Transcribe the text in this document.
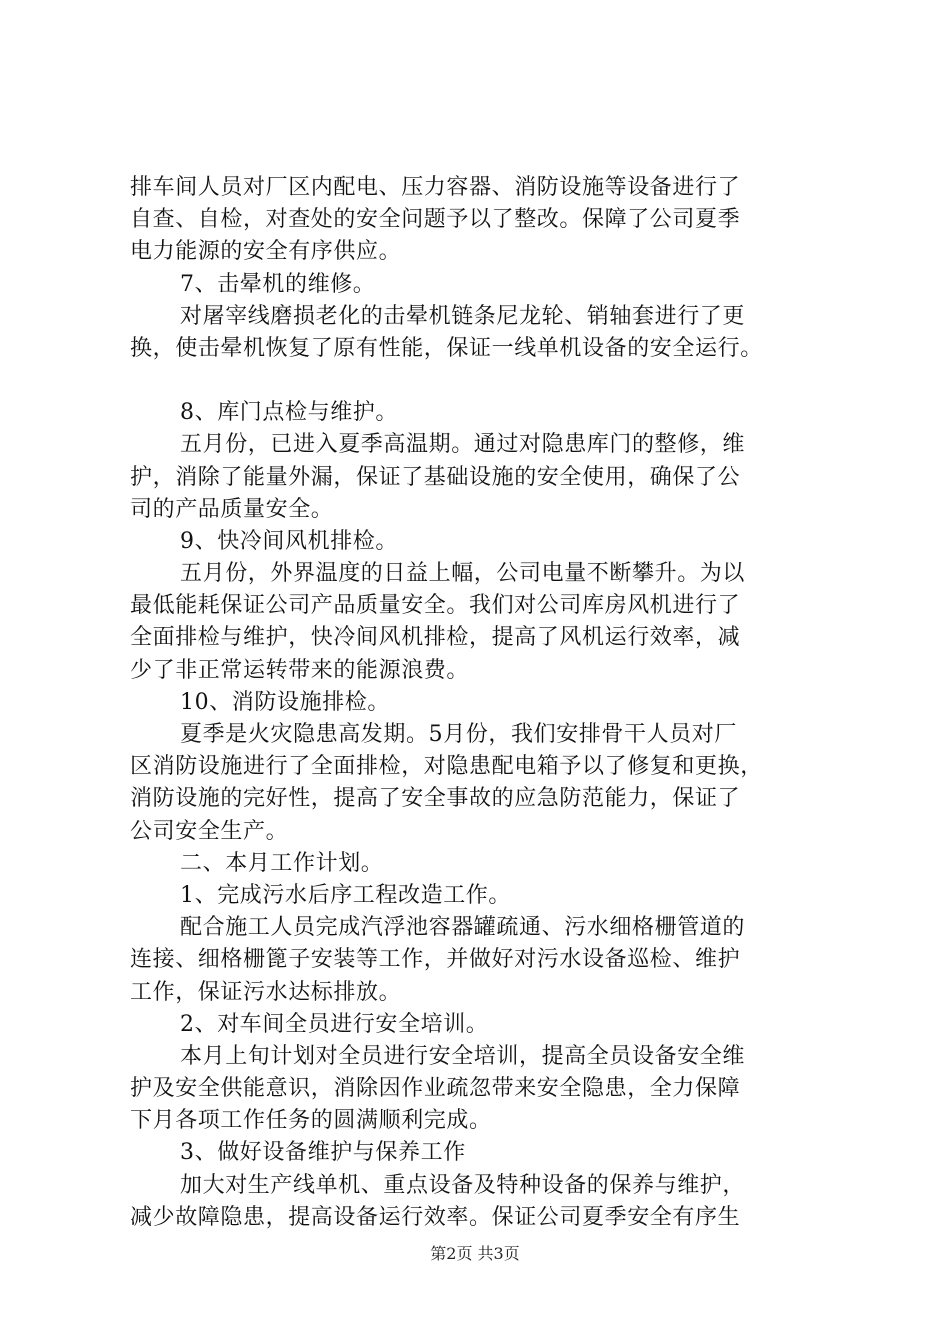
排车间人员对厂区内配电、压力容器、消防设施等设备进行了
自查、自检，对查处的安全问题予以了整改。保障了公司夏季
电力能源的安全有序供应。
7、击晕机的维修。
对屠宰线磨损老化的击晕机链条尼龙轮、销轴套进行了更
换，使击晕机恢复了原有性能，保证一线单机设备的安全运行。
8、库门点检与维护。
五月份，已进入夏季高温期。通过对隐患库门的整修，维
护，消除了能量外漏，保证了基础设施的安全使用，确保了公
司的产品质量安全。
9、快冷间风机排检。
五月份，外界温度的日益上幅，公司电量不断攀升。为以
最低能耗保证公司产品质量安全。我们对公司库房风机进行了
全面排检与维护，快冷间风机排检，提高了风机运行效率，减
少了非正常运转带来的能源浪费。
10、消防设施排检。
夏季是火灾隐患高发期。5月份，我们安排骨干人员对厂
区消防设施进行了全面排检，对隐患配电箱予以了修复和更换，
消防设施的完好性，提高了安全事故的应急防范能力，保证了
公司安全生产。
二、本月工作计划。
1、完成污水后序工程改造工作。
配合施工人员完成汽浮池容器罐疏通、污水细格栅管道的
连接、细格栅篦子安装等工作，并做好对污水设备巡检、维护
工作，保证污水达标排放。
2、对车间全员进行安全培训。
本月上旬计划对全员进行安全培训，提高全员设备安全维
护及安全供能意识，消除因作业疏忽带来安全隐患，全力保障
下月各项工作任务的圆满顺利完成。
3、做好设备维护与保养工作
加大对生产线单机、重点设备及特种设备的保养与维护，
减少故障隐患，提高设备运行效率。保证公司夏季安全有序生
第2页 共3页
